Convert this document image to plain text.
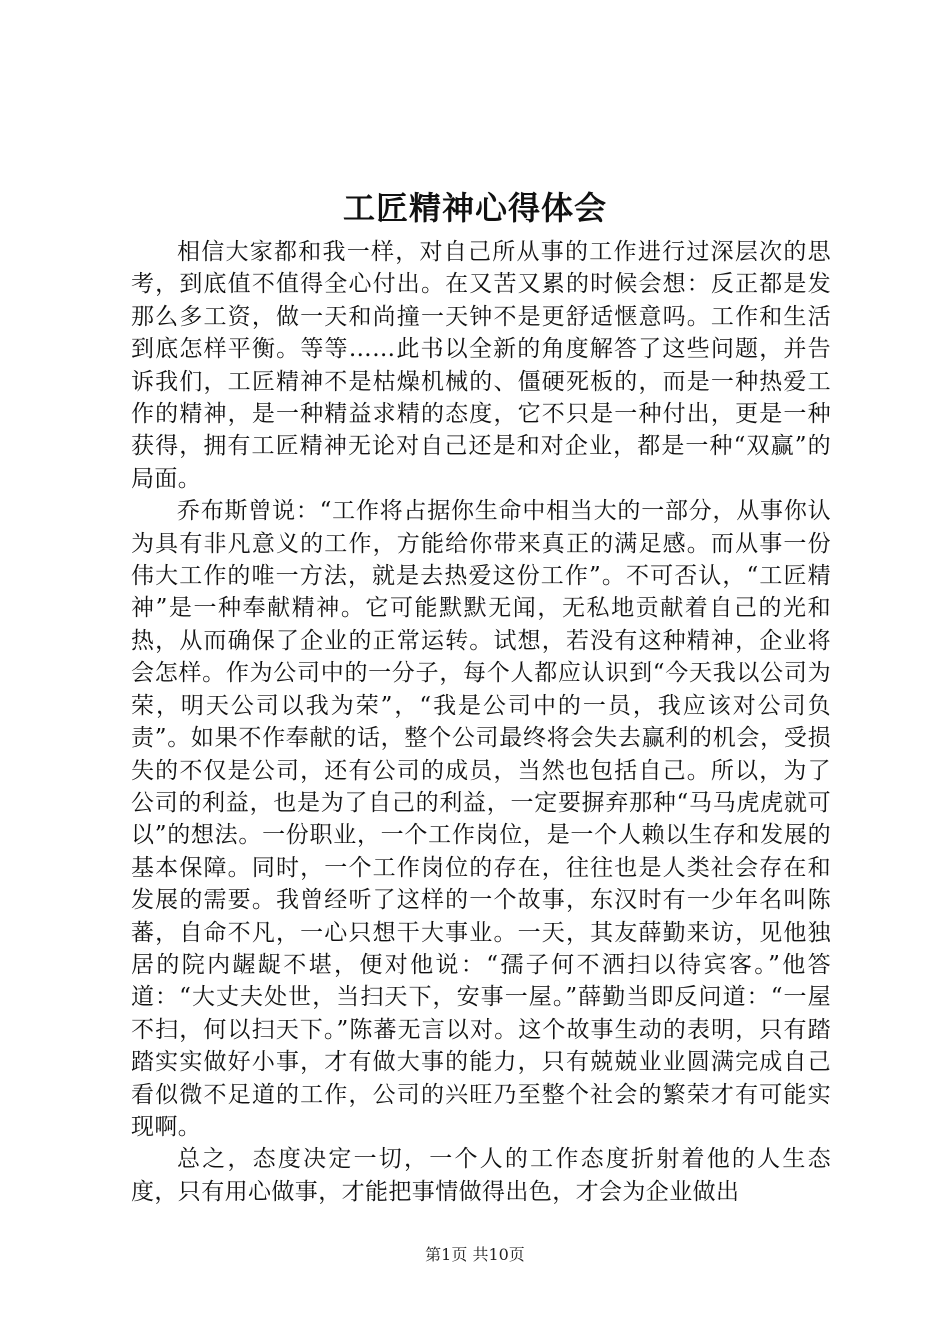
工匠精神心得体会

相信大家都和我一样，对自己所从事的工作进行过深层次的思考，到底值不值得全心付出。在又苦又累的时候会想：反正都是发那么多工资，做一天和尚撞一天钟不是更舒适惬意吗。工作和生活到底怎样平衡。等等……此书以全新的角度解答了这些问题，并告诉我们，工匠精神不是枯燥机械的、僵硬死板的，而是一种热爱工作的精神，是一种精益求精的态度，它不只是一种付出，更是一种获得，拥有工匠精神无论对自己还是和对企业，都是一种“双赢”的局面。

乔布斯曾说：“工作将占据你生命中相当大的一部分，从事你认为具有非凡意义的工作，方能给你带来真正的满足感。而从事一份伟大工作的唯一方法，就是去热爱这份工作”。不可否认，“工匠精神”是一种奉献精神。它可能默默无闻，无私地贡献着自己的光和热，从而确保了企业的正常运转。试想，若没有这种精神，企业将会怎样。作为公司中的一分子，每个人都应认识到“今天我以公司为荣，明天公司以我为荣”，“我是公司中的一员，我应该对公司负责”。如果不作奉献的话，整个公司最终将会失去赢利的机会，受损失的不仅是公司，还有公司的成员，当然也包括自己。所以，为了公司的利益，也是为了自己的利益，一定要摒弃那种“马马虎虎就可以”的想法。一份职业，一个工作岗位，是一个人赖以生存和发展的基本保障。同时，一个工作岗位的存在，往往也是人类社会存在和发展的需要。我曾经听了这样的一个故事，东汉时有一少年名叫陈蕃，自命不凡，一心只想干大事业。一天，其友薛勤来访，见他独居的院内龌龊不堪，便对他说：“孺子何不洒扫以待宾客。”他答道：“大丈夫处世，当扫天下，安事一屋。”薛勤当即反问道：“一屋不扫，何以扫天下。”陈蕃无言以对。这个故事生动的表明，只有踏踏实实做好小事，才有做大事的能力，只有兢兢业业圆满完成自己看似微不足道的工作，公司的兴旺乃至整个社会的繁荣才有可能实现啊。

总之，态度决定一切，一个人的工作态度折射着他的人生态度，只有用心做事，才能把事情做得出色，才会为企业做出

第1页 共10页
